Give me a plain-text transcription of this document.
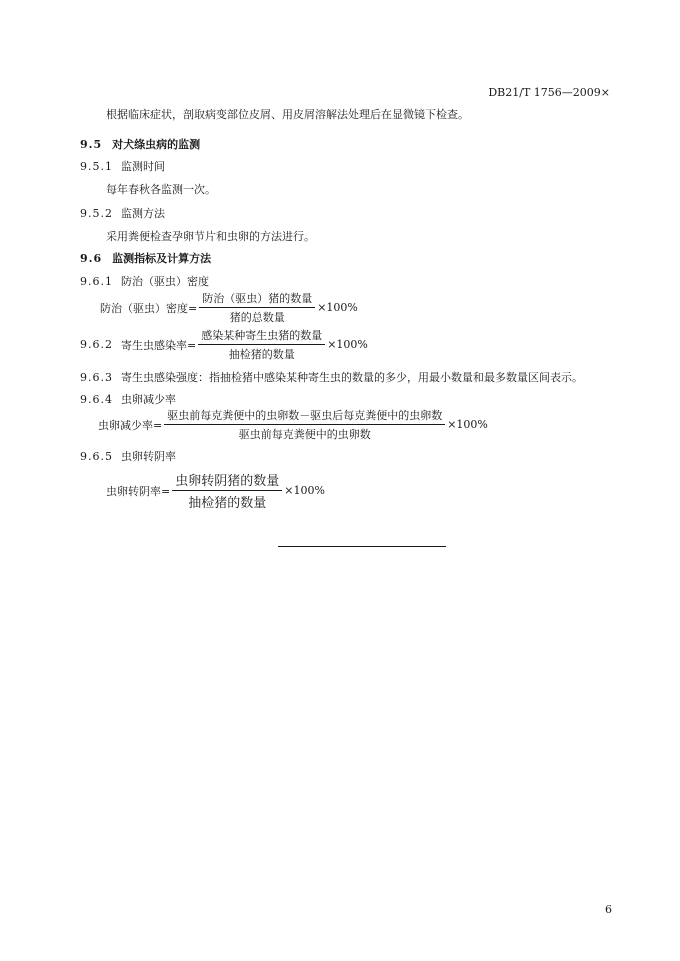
DB21/T 1756—2009×
根据临床症状，剖取病变部位皮屑、用皮屑溶解法处理后在显微镜下检查。
9.5 对犬绦虫病的监测
9.5.1 监测时间
每年春秋各监测一次。
9.5.2 监测方法
采用粪便检查孕卵节片和虫卵的方法进行。
9.6 监测指标及计算方法
9.6.1 防治（驱虫）密度
防治（驱虫）密度= $\frac{\text{防治（驱虫）猪的数量}}{\text{猪的总数量}} \times 100\%$
9.6.2 寄生虫感染率= $\frac{\text{感染某种寄生虫猪的数量}}{\text{抽检猪的数量}} \times 100\%$
9.6.3 寄生虫感染强度：指抽检猪中感染某种寄生虫的数量的多少，用最小数量和最多数量区间表示。
9.6.4 虫卵减少率
虫卵减少率= $\frac{\text{驱虫前每克粪便中的虫卵数－驱虫后每克粪便中的虫卵数}}{\text{驱虫前每克粪便中的虫卵数}} \times 100\%$
9.6.5 虫卵转阴率
虫卵转阴率= $\frac{\text{虫卵转阴猪的数量}}{\text{抽检猪的数量}} \times 100\%$
6
